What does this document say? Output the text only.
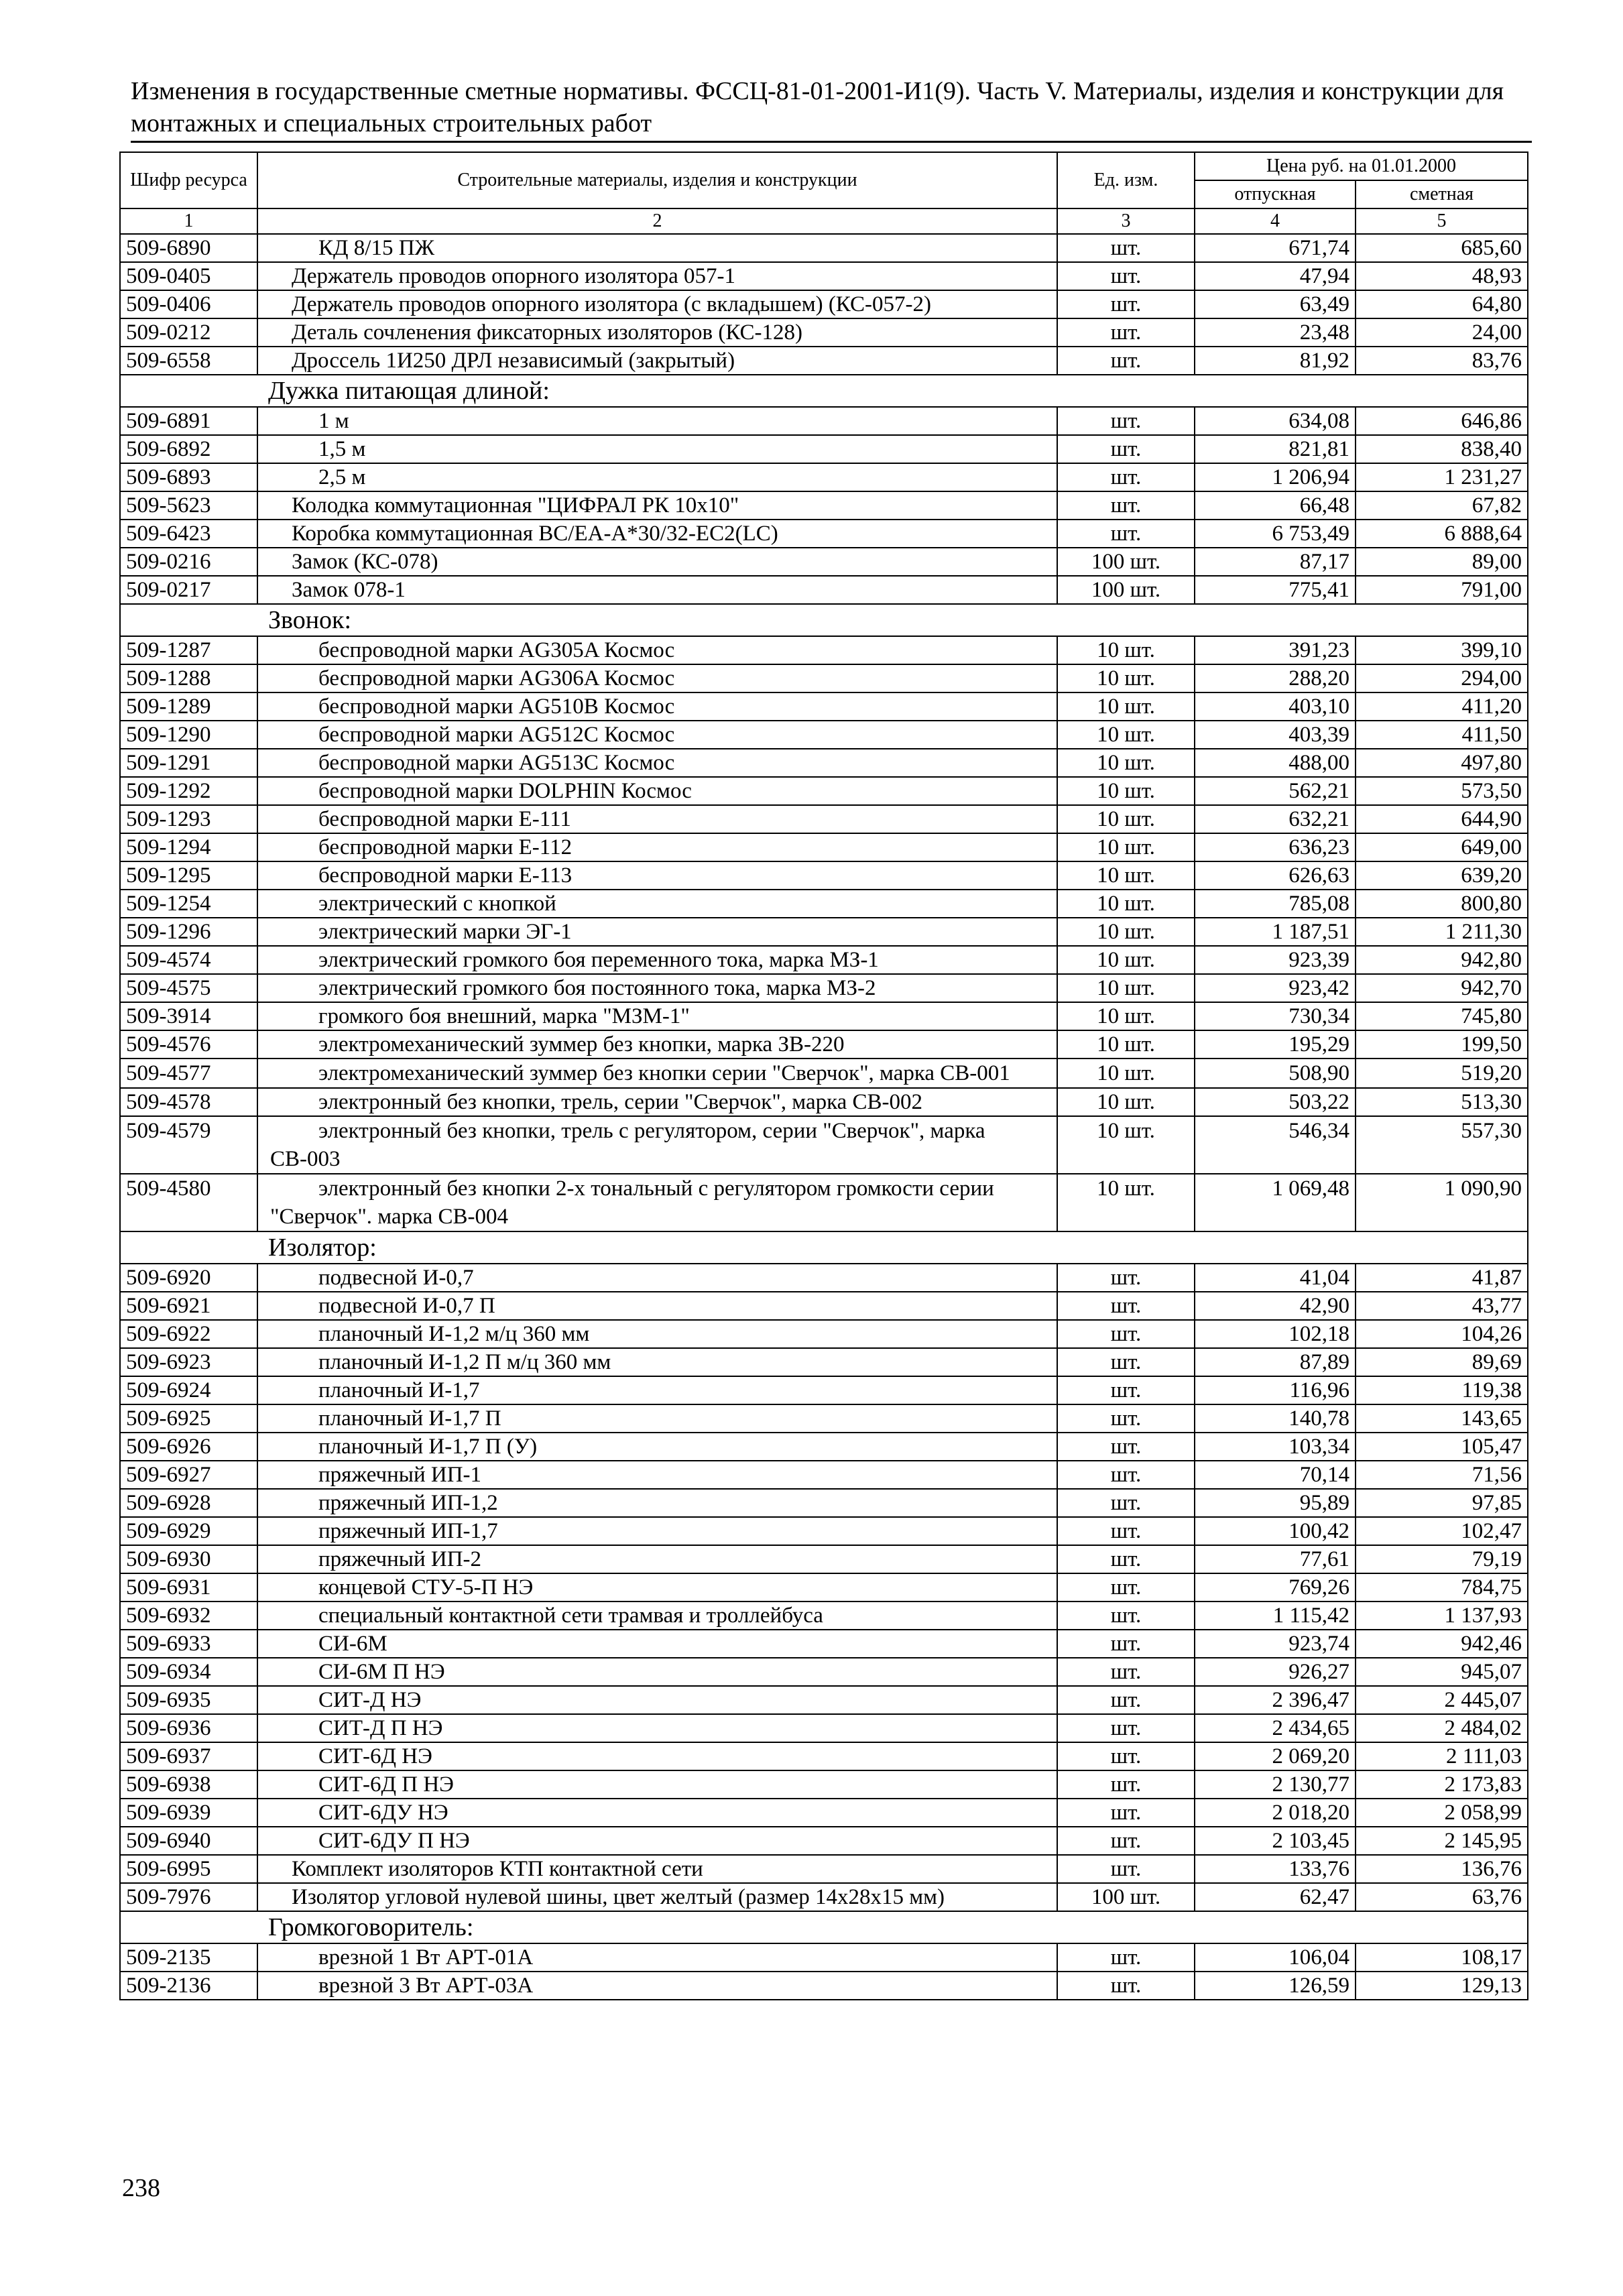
Изменения в государственные сметные нормативы. ФССЦ-81-01-2001-И1(9). Часть V. Материалы, изделия и конструкции для монтажных и специальных строительных работ
Шифр ресурса	Строительные материалы, изделия и конструкции	Ед. изм.	Цена руб. на 01.01.2000	
			отпускная	сметная
1	2	3	4	5
509-6890	КД 8/15 ПЖ	шт.	671,74	685,60
509-0405	Держатель проводов опорного изолятора 057-1	шт.	47,94	48,93
509-0406	Держатель проводов опорного изолятора (с вкладышем) (КС-057-2)	шт.	63,49	64,80
509-0212	Деталь сочленения фиксаторных изоляторов (КС-128)	шт.	23,48	24,00
509-6558	Дроссель 1И250 ДРЛ независимый (закрытый)	шт.	81,92	83,76
Дужка питающая длиной:				
509-6891	1 м	шт.	634,08	646,86
509-6892	1,5 м	шт.	821,81	838,40
509-6893	2,5 м	шт.	1 206,94	1 231,27
509-5623	Колодка коммутационная "ЦИФРАЛ РК 10х10"	шт.	66,48	67,82
509-6423	Коробка коммутационная ВС/ЕА-А*30/32-ЕС2(LC)	шт.	6 753,49	6 888,64
509-0216	Замок (КС-078)	100 шт.	87,17	89,00
509-0217	Замок 078-1	100 шт.	775,41	791,00
Звонок:				
509-1287	беспроводной марки AG305A Космос	10 шт.	391,23	399,10
509-1288	беспроводной марки AG306A Космос	10 шт.	288,20	294,00
509-1289	беспроводной марки AG510B Космос	10 шт.	403,10	411,20
509-1290	беспроводной марки AG512C Космос	10 шт.	403,39	411,50
509-1291	беспроводной марки AG513C Космос	10 шт.	488,00	497,80
509-1292	беспроводной марки DOLPHIN Космос	10 шт.	562,21	573,50
509-1293	беспроводной марки Е-111	10 шт.	632,21	644,90
509-1294	беспроводной марки Е-112	10 шт.	636,23	649,00
509-1295	беспроводной марки Е-113	10 шт.	626,63	639,20
509-1254	электрический с кнопкой	10 шт.	785,08	800,80
509-1296	электрический марки ЭГ-1	10 шт.	1 187,51	1 211,30
509-4574	электрический громкого боя переменного тока, марка МЗ-1	10 шт.	923,39	942,80
509-4575	электрический громкого боя постоянного тока, марка МЗ-2	10 шт.	923,42	942,70
509-3914	громкого боя внешний, марка "МЗМ-1"	10 шт.	730,34	745,80
509-4576	электромеханический зуммер без кнопки, марка ЗВ-220	10 шт.	195,29	199,50
509-4577	электромеханический зуммер без кнопки серии "Сверчок", марка СВ-001	10 шт.	508,90	519,20
509-4578	электронный без кнопки, трель, серии "Сверчок", марка СВ-002	10 шт.	503,22	513,30
509-4579	электронный без кнопки, трель с регулятором, серии "Сверчок", марка СВ-003	10 шт.	546,34	557,30
509-4580	электронный без кнопки 2-х тональный с регулятором громкости серии "Сверчок". марка СВ-004	10 шт.	1 069,48	1 090,90
Изолятор:				
509-6920	подвесной И-0,7	шт.	41,04	41,87
509-6921	подвесной И-0,7 П	шт.	42,90	43,77
509-6922	планочный И-1,2 м/ц 360 мм	шт.	102,18	104,26
509-6923	планочный И-1,2 П м/ц 360 мм	шт.	87,89	89,69
509-6924	планочный И-1,7	шт.	116,96	119,38
509-6925	планочный И-1,7 П	шт.	140,78	143,65
509-6926	планочный И-1,7 П (У)	шт.	103,34	105,47
509-6927	пряжечный ИП-1	шт.	70,14	71,56
509-6928	пряжечный ИП-1,2	шт.	95,89	97,85
509-6929	пряжечный ИП-1,7	шт.	100,42	102,47
509-6930	пряжечный ИП-2	шт.	77,61	79,19
509-6931	концевой СТУ-5-П НЭ	шт.	769,26	784,75
509-6932	специальный контактной сети трамвая и троллейбуса	шт.	1 115,42	1 137,93
509-6933	СИ-6М	шт.	923,74	942,46
509-6934	СИ-6М П НЭ	шт.	926,27	945,07
509-6935	СИТ-Д НЭ	шт.	2 396,47	2 445,07
509-6936	СИТ-Д П НЭ	шт.	2 434,65	2 484,02
509-6937	СИТ-6Д НЭ	шт.	2 069,20	2 111,03
509-6938	СИТ-6Д П НЭ	шт.	2 130,77	2 173,83
509-6939	СИТ-6ДУ НЭ	шт.	2 018,20	2 058,99
509-6940	СИТ-6ДУ П НЭ	шт.	2 103,45	2 145,95
509-6995	Комплект изоляторов КТП контактной сети	шт.	133,76	136,76
509-7976	Изолятор угловой нулевой шины, цвет желтый (размер 14х28х15 мм)	100 шт.	62,47	63,76
Громкоговоритель:				
509-2135	врезной 1 Вт АРТ-01А	шт.	106,04	108,17
509-2136	врезной 3 Вт АРТ-03А	шт.	126,59	129,13
238
